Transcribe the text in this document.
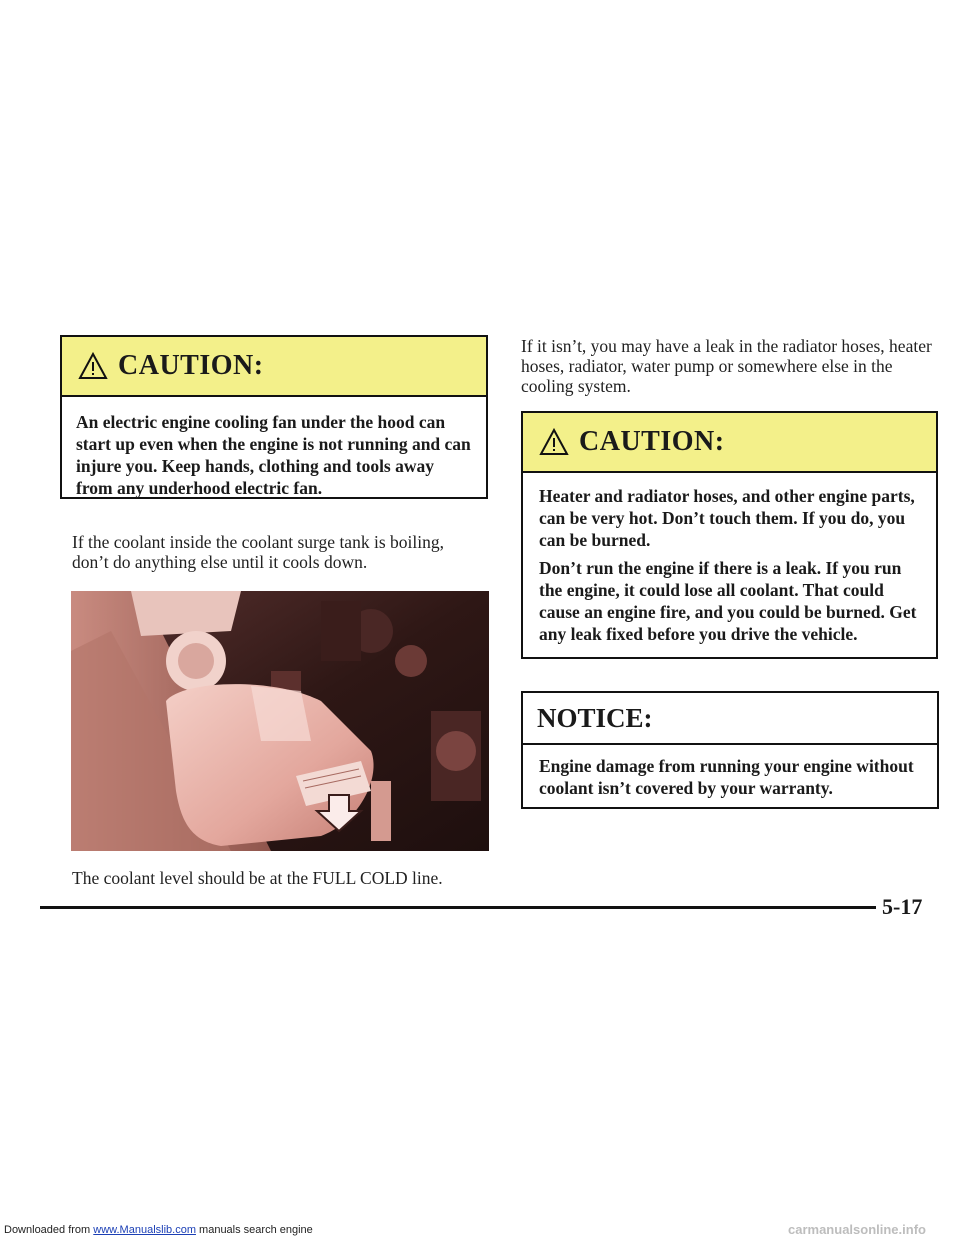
CAUTION:

An electric engine cooling fan under the hood can start up even when the engine is not running and can injure you. Keep hands, clothing and tools away from any underhood electric fan.

If the coolant inside the coolant surge tank is boiling, don’t do anything else until it cools down.
The coolant level should be at the FULL COLD line.
If it isn’t, you may have a leak in the radiator hoses, heater hoses, radiator, water pump or somewhere else in the cooling system.
CAUTION:

Heater and radiator hoses, and other engine parts, can be very hot. Don’t touch them. If you do, you can be burned.

Don’t run the engine if there is a leak. If you run the engine, it could lose all coolant. That could cause an engine fire, and you could be burned. Get any leak fixed before you drive the vehicle.

NOTICE:

Engine damage from running your engine without coolant isn’t covered by your warranty.

5-17
Downloaded from www.Manualslib.com manuals search engine	carmanualsonline.info
